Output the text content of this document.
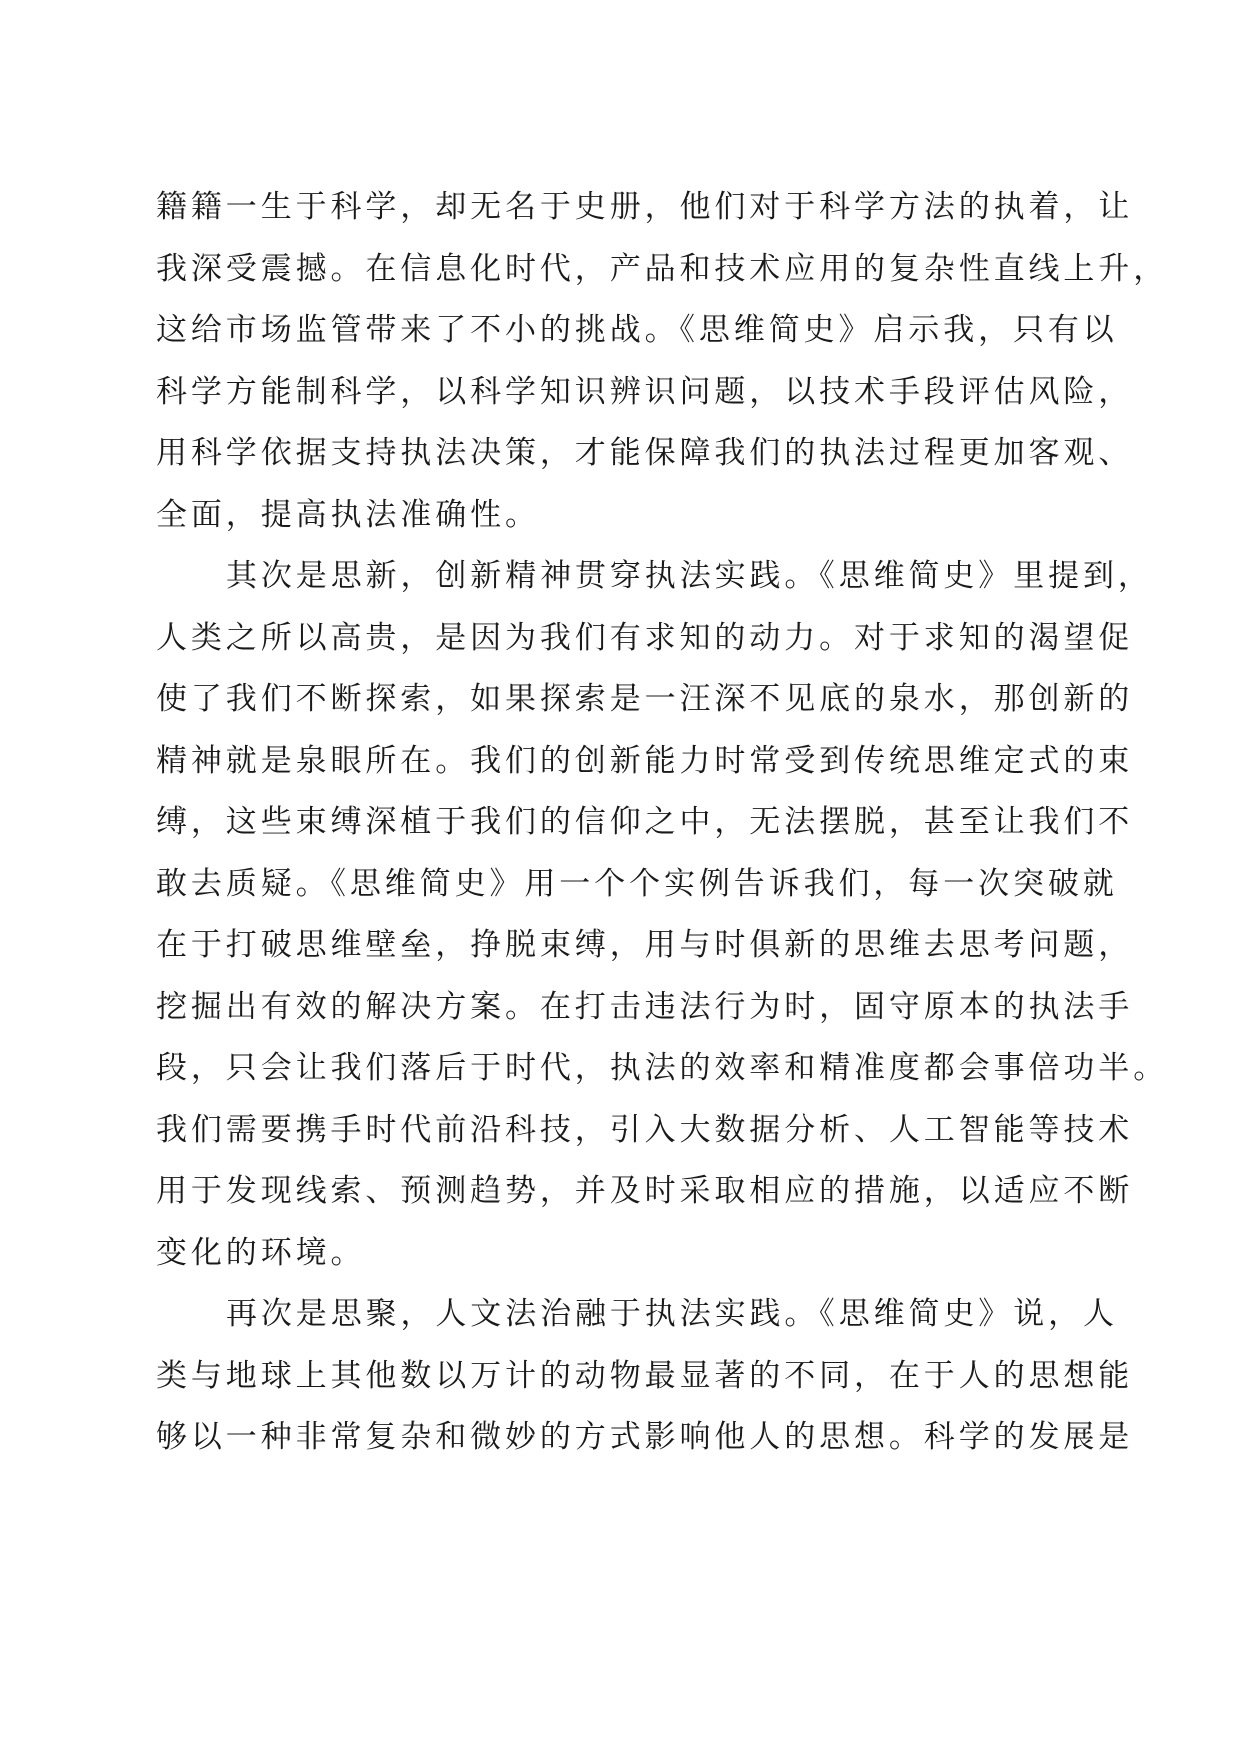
籍籍一生于科学，却无名于史册，他们对于科学方法的执着，让
我深受震撼。在信息化时代，产品和技术应用的复杂性直线上升，
这给市场监管带来了不小的挑战。《思维简史》启示我，只有以
科学方能制科学，以科学知识辨识问题，以技术手段评估风险，
用科学依据支持执法决策，才能保障我们的执法过程更加客观、
全面，提高执法准确性。
其次是思新，创新精神贯穿执法实践。《思维简史》里提到，
人类之所以高贵，是因为我们有求知的动力。对于求知的渴望促
使了我们不断探索，如果探索是一汪深不见底的泉水，那创新的
精神就是泉眼所在。我们的创新能力时常受到传统思维定式的束
缚，这些束缚深植于我们的信仰之中，无法摆脱，甚至让我们不
敢去质疑。《思维简史》用一个个实例告诉我们，每一次突破就
在于打破思维壁垒，挣脱束缚，用与时俱新的思维去思考问题，
挖掘出有效的解决方案。在打击违法行为时，固守原本的执法手
段，只会让我们落后于时代，执法的效率和精准度都会事倍功半。
我们需要携手时代前沿科技，引入大数据分析、人工智能等技术
用于发现线索、预测趋势，并及时采取相应的措施，以适应不断
变化的环境。
再次是思聚，人文法治融于执法实践。《思维简史》说，人
类与地球上其他数以万计的动物最显著的不同，在于人的思想能
够以一种非常复杂和微妙的方式影响他人的思想。科学的发展是
